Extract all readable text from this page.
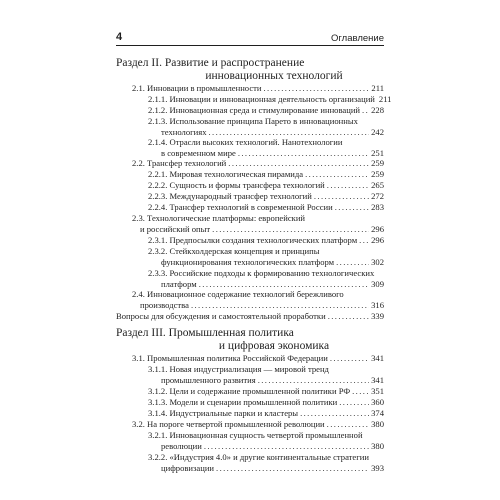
4	Оглавление
Раздел II. Развитие и распространение
инновационных технологий
2.1. Инновации в промышленности .....	211
2.1.1. Инновации и инновационная деятельность организаций 211
2.1.2. Инновационная среда и стимулирование инноваций ..... 228
2.1.3. Использование принципа Парето в инновационных
технологиях .....	242
2.1.4. Отрасли высоких технологий. Нанотехнологии
в современном мире .....	251
2.2. Трансфер технологий .....	259
2.2.1. Мировая технологическая пирамида .....	259
2.2.2. Сущность и формы трансфера технологий .....	265
2.2.3. Международный трансфер технологий .....	272
2.2.4. Трансфер технологий в современной России .....	283
2.3. Технологические платформы: европейский
и российский опыт .....	296
2.3.1. Предпосылки создания технологических платформ ..... 296
2.3.2. Стейкхолдерская концепция и принципы
функционирования технологических платформ .....	302
2.3.3. Российские подходы к формированию технологических
платформ .....	309
2.4. Инновационное содержание технологий бережливого
производства .....	316
Вопросы для обсуждения и самостоятельной проработки .....	339
Раздел III. Промышленная политика
и цифровая экономика
3.1. Промышленная политика Российской Федерации .....	341
3.1.1. Новая индустриализация — мировой тренд
промышленного развития .....	341
3.1.2. Цели и содержание промышленной политики РФ ..... 351
3.1.3. Модели и сценарии промышленной политики .....	360
3.1.4. Индустриальные парки и кластеры .....	374
3.2. На пороге четвертой промышленной революции .....	380
3.2.1. Инновационная сущность четвертой промышленной
революции .....	380
3.2.2. «Индустрия 4.0» и другие континентальные стратегии
цифровизации .....	393
